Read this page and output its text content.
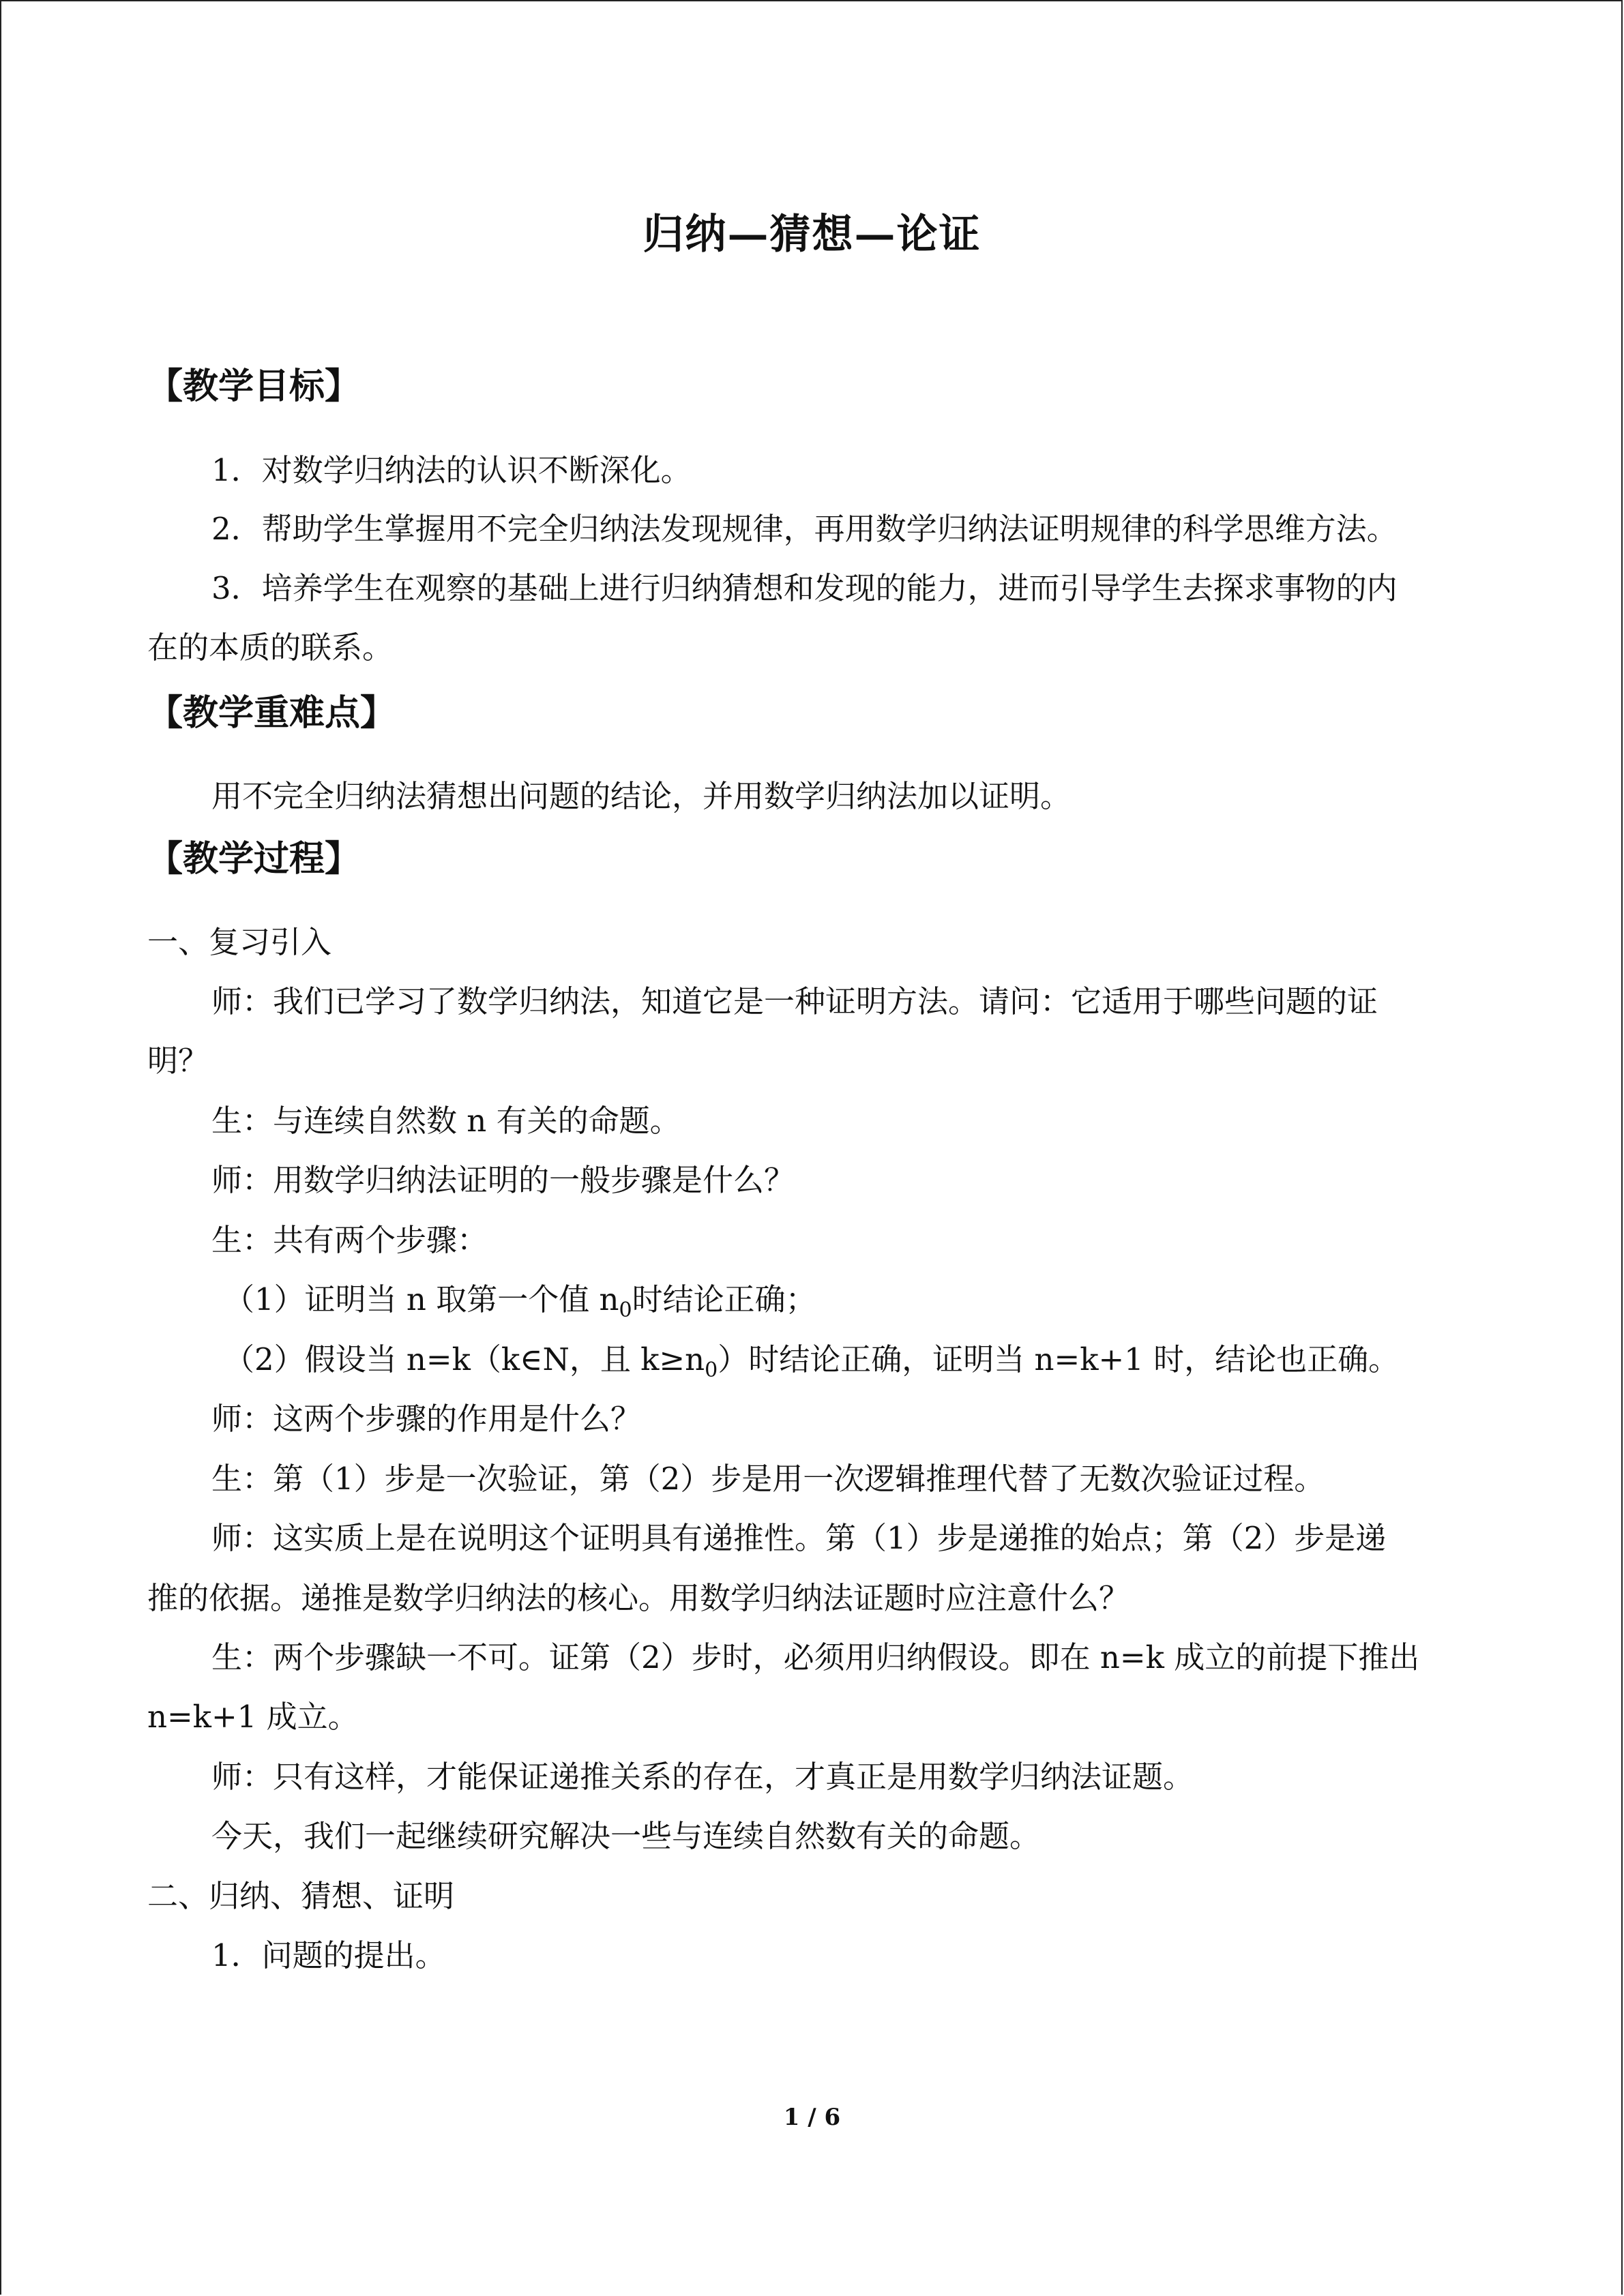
归纳—猜想—论证
【教学目标】

1．对数学归纳法的认识不断深化。

2．帮助学生掌握用不完全归纳法发现规律，再用数学归纳法证明规律的科学思维方法。

3．培养学生在观察的基础上进行归纳猜想和发现的能力，进而引导学生去探求事物的内

在的本质的联系。

【教学重难点】

用不完全归纳法猜想出问题的结论，并用数学归纳法加以证明。

【教学过程】

一、复习引入

师：我们已学习了数学归纳法，知道它是一种证明方法。请问：它适用于哪些问题的证

明？

生：与连续自然数 n 有关的命题。

师：用数学归纳法证明的一般步骤是什么？

生：共有两个步骤：

（1）证明当 n 取第一个值 $n_0$时结论正确；

（2）假设当 n=k（k∈N，且 $k\ge n_0$）时结论正确，证明当 n=k+1 时，结论也正确。

师：这两个步骤的作用是什么？

生：第（1）步是一次验证，第（2）步是用一次逻辑推理代替了无数次验证过程。

师：这实质上是在说明这个证明具有递推性。第（1）步是递推的始点；第（2）步是递

推的依据。递推是数学归纳法的核心。用数学归纳法证题时应注意什么？

生：两个步骤缺一不可。证第（2）步时，必须用归纳假设。即在 n=k 成立的前提下推出

n=k+1 成立。

师：只有这样，才能保证递推关系的存在，才真正是用数学归纳法证题。

今天，我们一起继续研究解决一些与连续自然数有关的命题。

二、归纳、猜想、证明

1．问题的提出。

1 / 6
